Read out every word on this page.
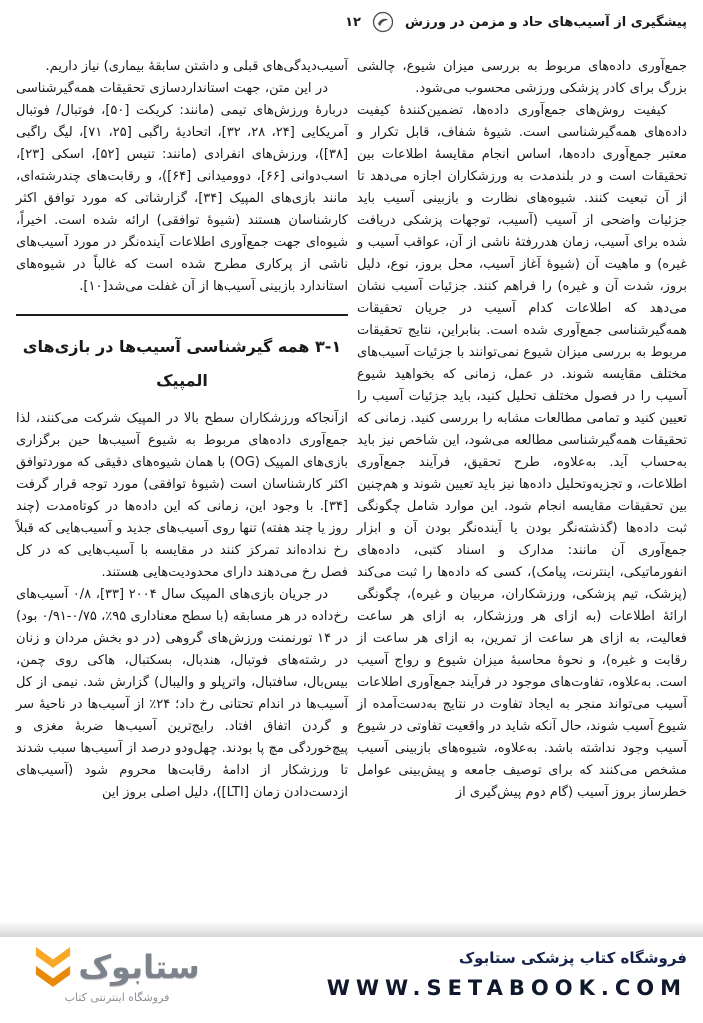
پیشگیری از آسیب‌های حاد و مزمن در ورزش
۱۲

جمع‌آوری داده‌های مربوط به بررسی میزان شیوع، چالشی بزرگ برای کادر پزشکی ورزشی محسوب می‌شود.

کیفیت روش‌های جمع‌آوری داده‌ها، تضمین‌کنندهٔ کیفیت داده‌های همه‌گیرشناسی است. شیوهٔ شفاف، قابل تکرار و معتبر جمع‌آوری داده‌ها، اساس انجام مقایسهٔ اطلاعات بین تحقیقات است و در بلندمدت به ورزشکاران اجازه می‌دهد تا از آن تبعیت کنند. شیوه‌های نظارت و بازبینی آسیب باید جزئیات واضحی از آسیب (آسیب، توجهات پزشکی دریافت شده برای آسیب، زمان هدررفتهٔ ناشی از آن، عواقب آسیب و غیره) و ماهیت آن (شیوهٔ آغاز آسیب، محل بروز، نوع، دلیل بروز، شدت آن و غیره) را فراهم کنند. جزئیات آسیب نشان می‌دهد که اطلاعات کدام آسیب در جریان تحقیقات همه‌گیرشناسی جمع‌آوری شده است. بنابراین، نتایج تحقیقات مربوط به بررسی میزان شیوع نمی‌توانند با جزئیات آسیب‌های مختلف مقایسه شوند. در عمل، زمانی که بخواهید شیوع آسیب را در فصول مختلف تحلیل کنید، باید جزئیات آسیب را تعیین کنید و تمامی مطالعات مشابه را بررسی کنید. زمانی که تحقیقات همه‌گیرشناسی مطالعه می‌شود، این شاخص نیز باید به‌حساب آید. به‌علاوه، طرح تحقیق، فرآیند جمع‌آوری اطلاعات، و تجزیه‌وتحلیل داده‌ها نیز باید تعیین شوند و هم‌چنین بین تحقیقات مقایسه انجام شود. این موارد شامل چگونگی ثبت داده‌ها (گذشته‌نگر بودن یا آینده‌نگر بودن آن و ابزار جمع‌آوری آن مانند: مدارک و اسناد کتبی، داده‌های انفورماتیکی، اینترنت، پیامک)، کسی که داده‌ها را ثبت می‌کند (پزشک، تیم پزشکی، ورزشکاران، مربیان و غیره)، چگونگی ارائهٔ اطلاعات (به ازای هر ورزشکار، به ازای هر ساعت فعالیت، به ازای هر ساعت از تمرین، به ازای هر ساعت از رقابت و غیره)، و نحوهٔ محاسبهٔ میزان شیوع و رواج آسیب است. به‌علاوه، تفاوت‌های موجود در فرآیند جمع‌آوری اطلاعات آسیب می‌تواند منجر به ایجاد تفاوت در نتایج به‌دست‌آمده از شیوع آسیب شوند، حال آنکه شاید در واقعیت تفاوتی در شیوع آسیب وجود نداشته باشد. به‌علاوه، شیوه‌های بازبینی آسیب مشخص می‌کنند که برای توصیف جامعه و پیش‌بینی عوامل خطرساز بروز آسیب (گام دوم پیش‌گیری از

آسیب‌دیدگی‌های قبلی و داشتن سابقهٔ بیماری) نیاز داریم.

در این متن، جهت استانداردسازی تحقیقات همه‌گیرشناسی دربارهٔ ورزش‌های تیمی (مانند: کریکت [۵۰]، فوتبال/ فوتبال آمریکایی [۲۴، ۲۸، ۳۲]، اتحادیهٔ راگبی [۲۵، ۷۱]، لیگ راگبی [۳۸])، ورزش‌های انفرادی (مانند: تنیس [۵۲]، اسکی [۲۳]، اسب‌دوانی [۶۶]، دوومیدانی [۶۴])، و رقابت‌های چندرشته‌ای، مانند بازی‌های المپیک [۳۴]، گزارشاتی که مورد توافق اکثر کارشناسان هستند (شیوهٔ توافقی) ارائه شده است. اخیراً، شیوه‌ای جهت جمع‌آوری اطلاعات آینده‌نگر در مورد آسیب‌های ناشی از پرکاری مطرح شده است که غالباً در شیوه‌های استاندارد بازبینی آسیب‌ها از آن غفلت می‌شد[۱۰].

۳-۱ همه گیرشناسی آسیب‌ها در بازی‌های المپیک

ازآنجاکه ورزشکاران سطح بالا در المپیک شرکت می‌کنند، لذا جمع‌آوری داده‌های مربوط به شیوع آسیب‌ها حین برگزاری بازی‌های المپیک (OG) با همان شیوه‌های دقیقی که موردتوافق اکثر کارشناسان است (شیوهٔ توافقی) مورد توجه قرار گرفت [۳۴]. با وجود این، زمانی که این داده‌ها در کوتاه‌مدت (چند روز یا چند هفته) تنها روی آسیب‌های جدید و آسیب‌هایی که قبلاً رخ نداده‌اند تمرکز کنند در مقایسه با آسیب‌هایی که در کل فصل رخ می‌دهند دارای محدودیت‌هایی هستند.

در جریان بازی‌های المپیک سال ۲۰۰۴ [۳۳]، ۰/۸ آسیب‌های رخ‌داده در هر مسابقه (با سطح معناداری ۹۵٪، ۰/۷۵-۰/۹۱ بود) در ۱۴ تورنمنت ورزش‌های گروهی (در دو بخش مردان و زنان در رشته‌های فوتبال، هندبال، بسکتبال، هاکی روی چمن، بیس‌بال، سافتبال، واترپلو و والیبال) گزارش شد. نیمی از کل آسیب‌ها در اندام تحتانی رخ داد؛ ۲۴٪ از آسیب‌ها در ناحیهٔ سر و گردن اتفاق افتاد. رایج‌ترین آسیب‌ها ضربهٔ مغزی و پیچ‌خوردگی مچ پا بودند. چهل‌ودو درصد از آسیب‌ها سبب شدند تا ورزشکار از ادامهٔ رقابت‌ها محروم شود (آسیب‌های ازدست‌دادن زمان [LTI])، دلیل اصلی بروز این

فروشگاه کتاب پزشکی ستابوک
WWW.SETABOOK.COM
ستابوک
فروشگاه اینترنتی کتاب
